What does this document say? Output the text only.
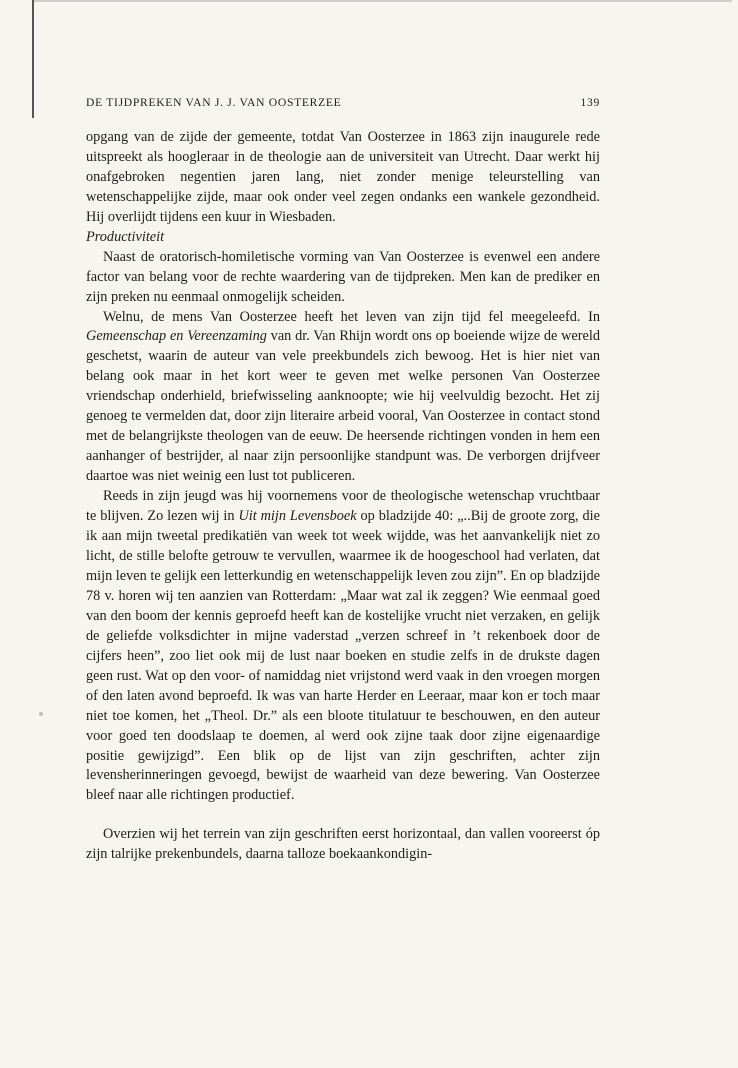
DE TIJDPREKEN VAN J. J. VAN OOSTERZEE	139

opgang van de zijde der gemeente, totdat Van Oosterzee in 1863 zijn inaugurele rede uitspreekt als hoogleraar in de theologie aan de universiteit van Utrecht. Daar werkt hij onafgebroken negentien jaren lang, niet zonder menige teleurstelling van wetenschappelijke zijde, maar ook onder veel zegen ondanks een wankele gezondheid. Hij overlijdt tijdens een kuur in Wiesbaden.

Productiviteit

Naast de oratorisch-homiletische vorming van Van Oosterzee is evenwel een andere factor van belang voor de rechte waardering van de tijdpreken. Men kan de prediker en zijn preken nu eenmaal onmogelijk scheiden.

Welnu, de mens Van Oosterzee heeft het leven van zijn tijd fel meegeleefd. In Gemeenschap en Vereenzaming van dr. Van Rhijn wordt ons op boeiende wijze de wereld geschetst, waarin de auteur van vele preekbundels zich bewoog. Het is hier niet van belang ook maar in het kort weer te geven met welke personen Van Oosterzee vriendschap onderhield, briefwisseling aanknoopte; wie hij veelvuldig bezocht. Het zij genoeg te vermelden dat, door zijn literaire arbeid vooral, Van Oosterzee in contact stond met de belangrijkste theologen van de eeuw. De heersende richtingen vonden in hem een aanhanger of bestrijder, al naar zijn persoonlijke standpunt was. De verborgen drijfveer daartoe was niet weinig een lust tot publiceren.

Reeds in zijn jeugd was hij voornemens voor de theologische wetenschap vruchtbaar te blijven. Zo lezen wij in Uit mijn Levensboek op bladzijde 40: „..Bij de groote zorg, die ik aan mijn tweetal predikatiën van week tot week wijdde, was het aanvankelijk niet zo licht, de stille belofte getrouw te vervullen, waarmee ik de hoogeschool had verlaten, dat mijn leven te gelijk een letterkundig en wetenschappelijk leven zou zijn”. En op bladzijde 78 v. horen wij ten aanzien van Rotterdam: „Maar wat zal ik zeggen? Wie eenmaal goed van den boom der kennis geproefd heeft kan de kostelijke vrucht niet verzaken, en gelijk de geliefde volksdichter in mijne vaderstad „verzen schreef in ’t rekenboek door de cijfers heen”, zoo liet ook mij de lust naar boeken en studie zelfs in de drukste dagen geen rust. Wat op den voor- of namiddag niet vrijstond werd vaak in den vroegen morgen of den laten avond beproefd. Ik was van harte Herder en Leeraar, maar kon er toch maar niet toe komen, het „Theol. Dr.” als een bloote titulatuur te beschouwen, en den auteur voor goed ten doodslaap te doemen, al werd ook zijne taak door zijne eigenaardige positie gewijzigd”. Een blik op de lijst van zijn geschriften, achter zijn levensherinneringen gevoegd, bewijst de waarheid van deze bewering. Van Oosterzee bleef naar alle richtingen productief.

Overzien wij het terrein van zijn geschriften eerst horizontaal, dan vallen vooreerst óp zijn talrijke prekenbundels, daarna talloze boekaankondigin-
